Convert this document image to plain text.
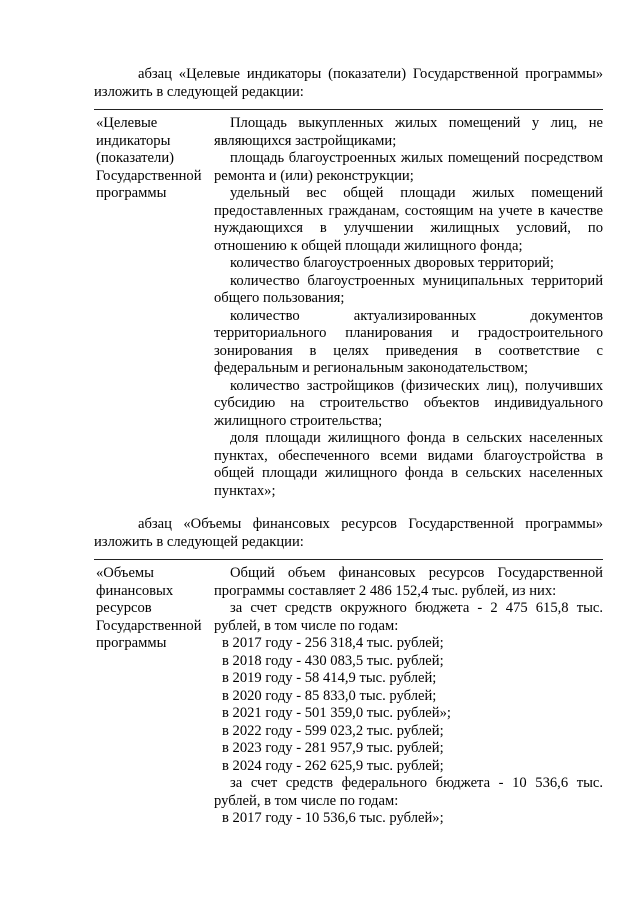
абзац «Целевые индикаторы (показатели) Государственной программы» изложить в следующей редакции:

«Целевые
индикаторы
(показатели)
Государственной
программы

Площадь выкупленных жилых помещений у лиц, не являющихся застройщиками;

площадь благоустроенных жилых помещений посредством ремонта и (или) реконструкции;

удельный вес общей площади жилых помещений предоставленных гражданам, состоящим на учете в качестве нуждающихся в улучшении жилищных условий, по отношению к общей площади жилищного фонда;

количество благоустроенных дворовых территорий;

количество благоустроенных муниципальных территорий общего пользования;

количество актуализированных документов территориального планирования и градостроительного зонирования в целях приведения в соответствие с федеральным и региональным законодательством;

количество застройщиков (физических лиц), получивших субсидию на строительство объектов индивидуального жилищного строительства;

доля площади жилищного фонда в сельских населенных пунктах, обеспеченного всеми видами благоустройства в общей площади жилищного фонда в сельских населенных пунктах»;

абзац «Объемы финансовых ресурсов Государственной программы» изложить в следующей редакции:

«Объемы
финансовых
ресурсов
Государственной
программы

Общий объем финансовых ресурсов Государственной программы составляет 2 486 152,4 тыс. рублей, из них:

за счет средств окружного бюджета - 2 475 615,8 тыс. рублей, в том числе по годам:

в 2017 году - 256 318,4 тыс. рублей;

в 2018 году - 430 083,5 тыс. рублей;

в 2019 году - 58 414,9 тыс. рублей;

в 2020 году - 85 833,0 тыс. рублей;

в 2021 году - 501 359,0 тыс. рублей»;

в 2022 году - 599 023,2 тыс. рублей;

в 2023 году - 281 957,9 тыс. рублей;

в 2024 году - 262 625,9 тыс. рублей;

за счет средств федерального бюджета - 10 536,6 тыс. рублей, в том числе по годам:

в 2017 году - 10 536,6 тыс. рублей»;
